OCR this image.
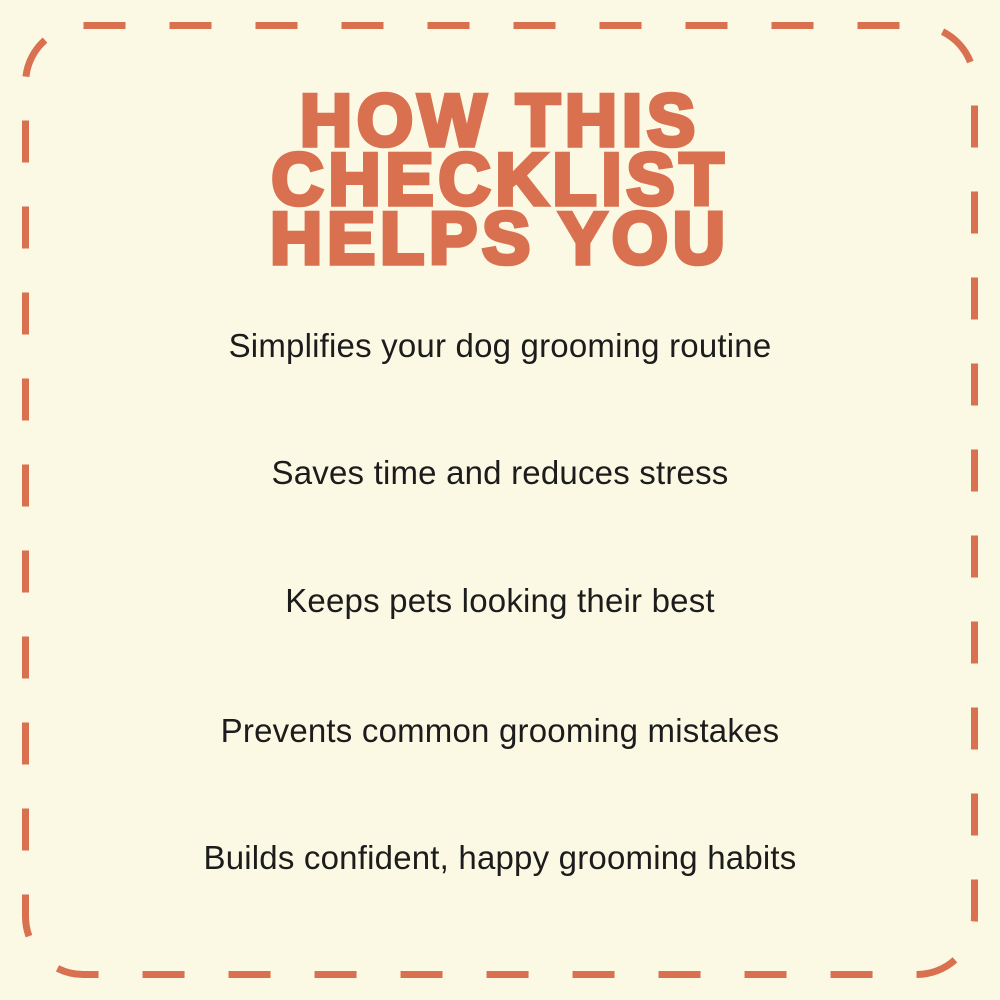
HOW THIS
CHECKLIST
HELPS YOU

Simplifies your dog grooming routine

Saves time and reduces stress

Keeps pets looking their best

Prevents common grooming mistakes

Builds confident, happy grooming habits
